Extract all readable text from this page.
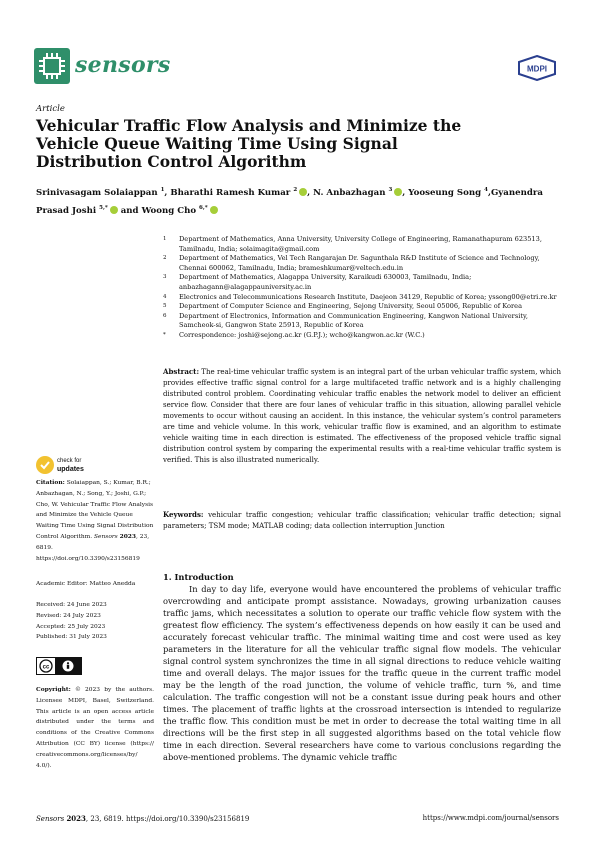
sensors	MDPI
Article
Vehicular Traffic Flow Analysis and Minimize the Vehicle Queue Waiting Time Using Signal Distribution Control Algorithm
Srinivasagam Solaiappan $^1$, Bharathi Ramesh Kumar $^2$ , N. Anbazhagan $^3$ , Yooseung Song $^4$,Gyanendra Prasad Joshi $^{5,*}$ and Woong Cho $^{6,*}$
1 Department of Mathematics, Anna University, University College of Engineering, Ramanathapuram 623513, Tamilnadu, India; solaimagita@gmail.com
2 Department of Mathematics, Vel Tech Rangarajan Dr. Sagunthala R&D Institute of Science and Technology, Chennai 600062, Tamilnadu, India; brameshkumar@veltech.edu.in
3 Department of Mathematics, Alagappa University, Karaikudi 630003, Tamilnadu, India; anbazhagann@alagappauniversity.ac.in
4 Electronics and Telecommunications Research Institute, Daejeon 34129, Republic of Korea; yssong00@etri.re.kr
5 Department of Computer Science and Engineering, Sejong University, Seoul 05006, Republic of Korea
6 Department of Electronics, Information and Communication Engineering, Kangwon National University, Samcheok-si, Gangwon State 25913, Republic of Korea
* Correspondence: joshi@sejong.ac.kr (G.P.J.); wcho@kangwon.ac.kr (W.C.)
Abstract: The real-time vehicular traffic system is an integral part of the urban vehicular traffic system, which provides effective traffic signal control for a large multifaceted traffic network and is a highly challenging distributed control problem. Coordinating vehicular traffic enables the network model to deliver an efficient service flow. Consider that there are four lanes of vehicular traffic in this situation, allowing parallel vehicle movements to occur without causing an accident. In this instance, the vehicular system’s control parameters are time and vehicle volume. In this work, vehicular traffic flow is examined, and an algorithm to estimate vehicle waiting time in each direction is estimated. The effectiveness of the proposed vehicle traffic signal distribution control system by comparing the experimental results with a real-time vehicular traffic system is verified. This is also illustrated numerically.
Keywords: vehicular traffic congestion; vehicular traffic classification; vehicular traffic detection; signal parameters; TSM mode; MATLAB coding; data collection interruption Junction
check for
updates
Citation: Solaiappan, S.; Kumar, B.R.; Anbazhagan, N.; Song, Y.; Joshi, G.P.; Cho, W. Vehicular Traffic Flow Analysis and Minimize the Vehicle Queue Waiting Time Using Signal Distribution Control Algorithm. Sensors 2023, 23, 6819. https://doi.org/10.3390/s23156819
Academic Editor: Matteo Anedda
Received: 24 June 2023
Revised: 24 July 2023
Accepted: 25 July 2023
Published: 31 July 2023
cc
Copyright: © 2023 by the authors. Licensee MDPI, Basel, Switzerland. This article is an open access article distributed under the terms and conditions of the Creative Commons Attribution (CC BY) license (https:// creativecommons.org/licenses/by/ 4.0/).
1. Introduction

In day to day life, everyone would have encountered the problems of vehicular traffic overcrowding and anticipate prompt assistance. Nowadays, growing urbanization causes traffic jams, which necessitates a solution to operate our traffic vehicle flow system with the greatest flow efficiency. The system’s effectiveness depends on how easily it can be used and accurately forecast vehicular traffic. The minimal waiting time and cost were used as key parameters in the literature for all the vehicular traffic signal flow models. The vehicular signal control system synchronizes the time in all signal directions to reduce vehicle waiting time and overall delays. The major issues for the traffic queue in the current traffic model may be the length of the road junction, the volume of vehicle traffic, turn %, and time calculation. The traffic congestion will not be a constant issue during peak hours and other times. The placement of traffic lights at the crossroad intersection is intended to regularize the traffic flow. This condition must be met in order to decrease the total waiting time in all directions will be the first step in all suggested algorithms based on the total vehicle flow time in each direction. Several researchers have come to various conclusions regarding the above-mentioned problems. The dynamic vehicle traffic

Sensors 2023, 23, 6819. https://doi.org/10.3390/s23156819	https://www.mdpi.com/journal/sensors
